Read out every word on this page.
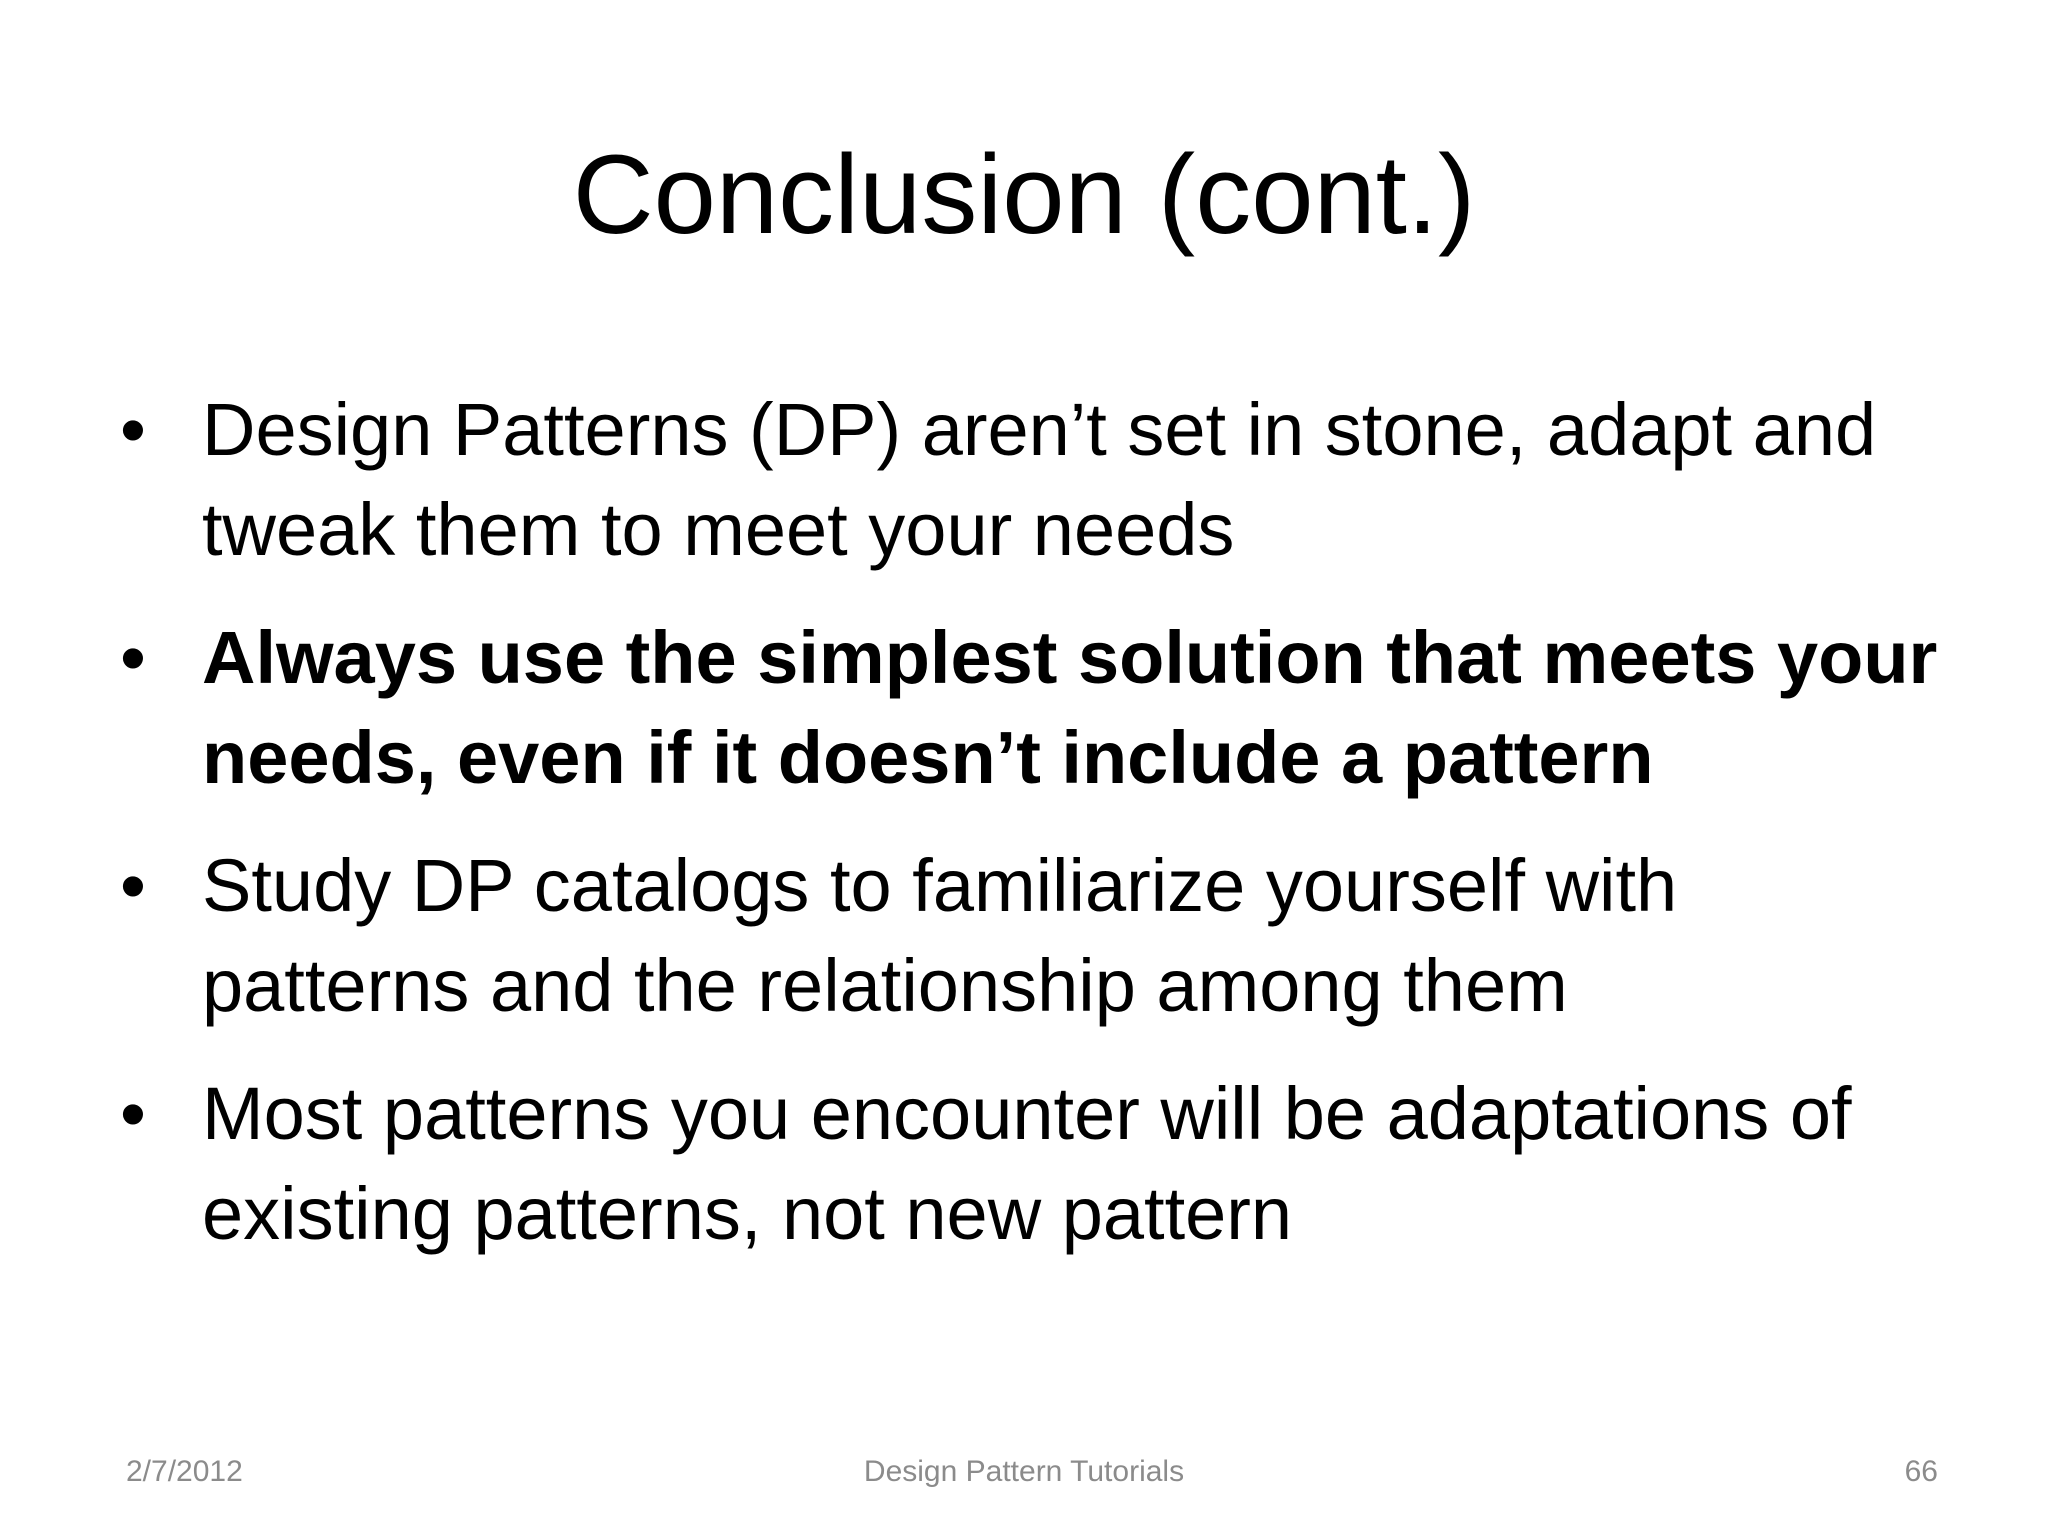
Conclusion (cont.)
• Design Patterns (DP) aren’t set in stone, adapt and tweak them to meet your needs
• Always use the simplest solution that meets your needs, even if it doesn’t include a pattern
• Study DP catalogs to familiarize yourself with patterns and the relationship among them
• Most patterns you encounter will be adaptations of existing patterns, not new pattern
2/7/2012	Design Pattern Tutorials	66
